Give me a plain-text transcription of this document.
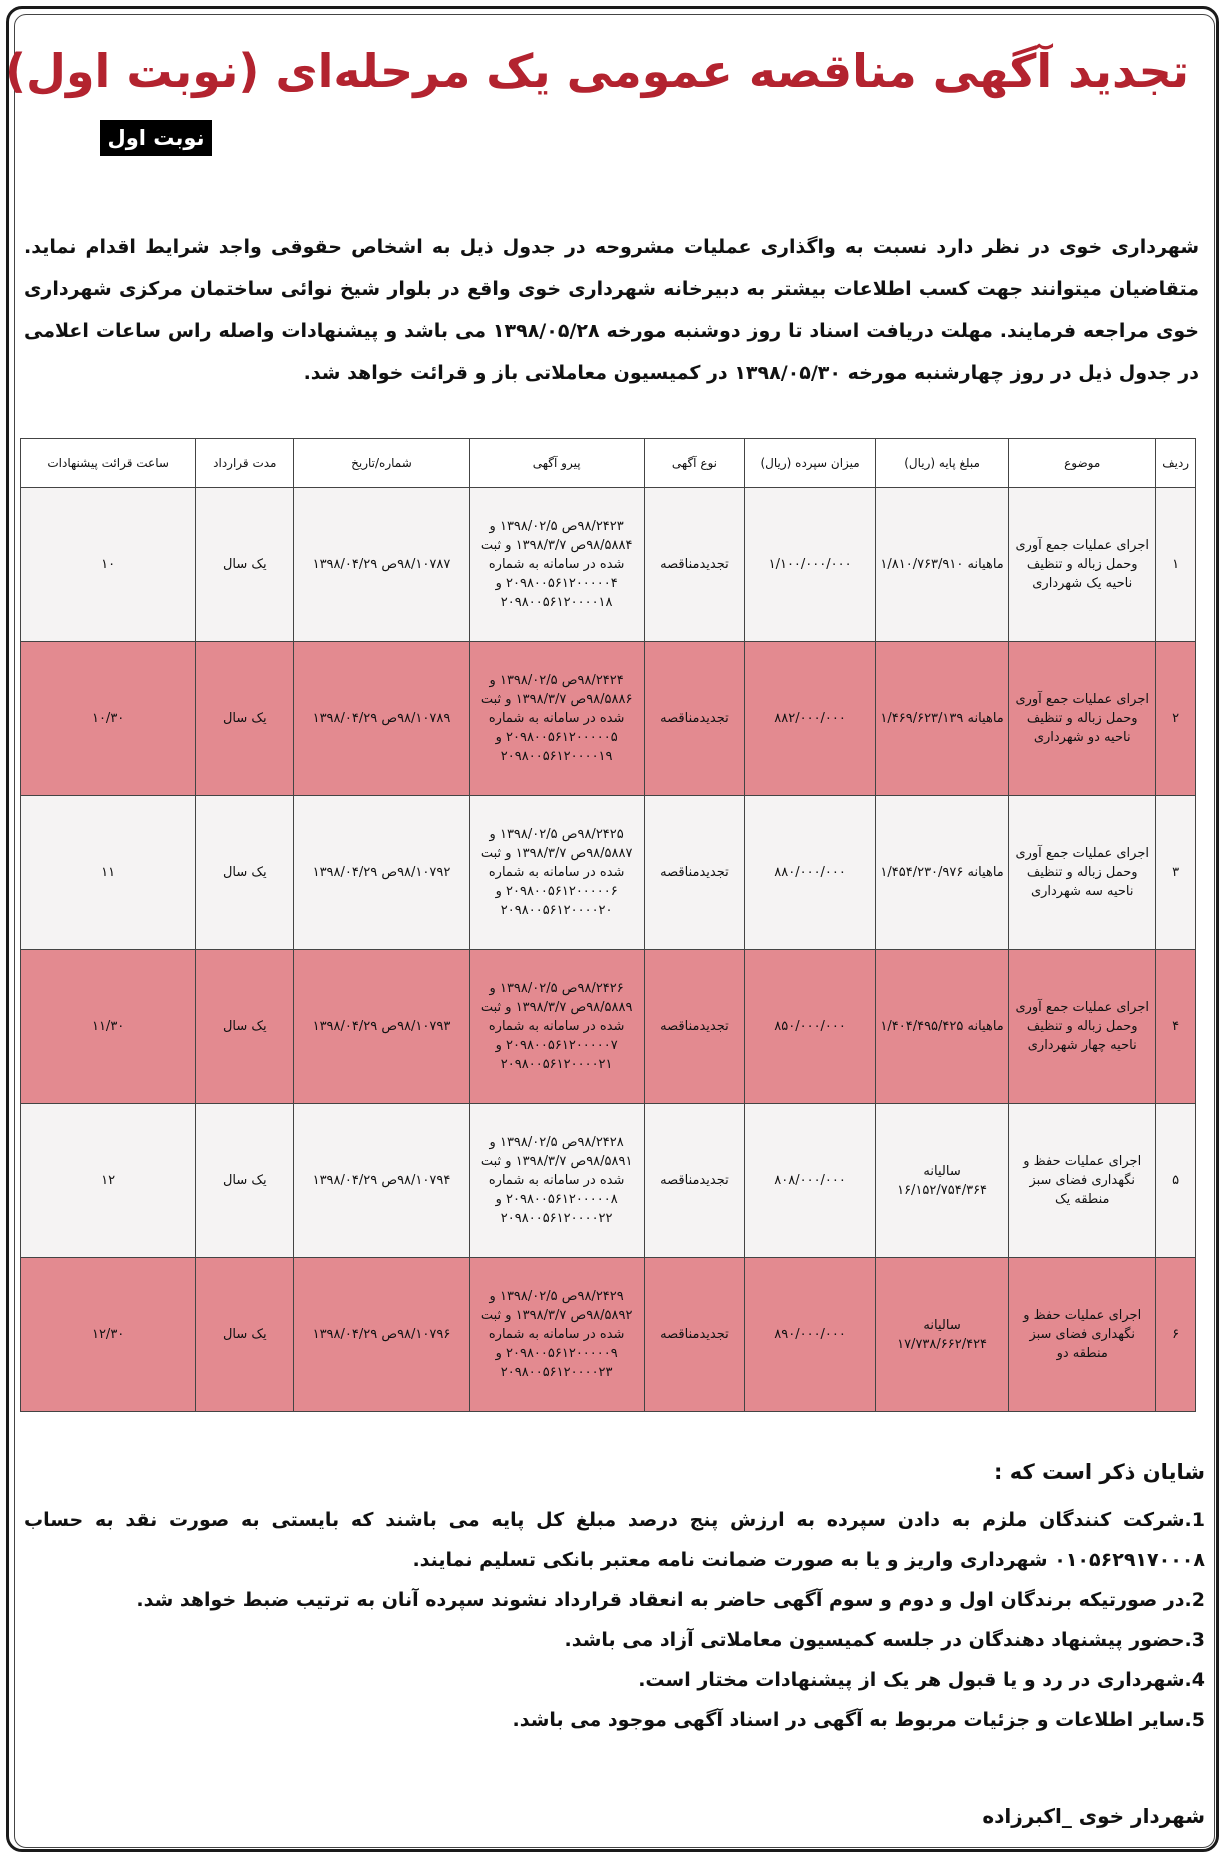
تجدید آگهی مناقصه عمومی یک مرحله‌ای (نوبت اول)
نوبت اول
شهرداری خوی در نظر دارد نسبت به واگذاری عملیات مشروحه در جدول ذیل به اشخاص حقوقی واجد شرایط اقدام نماید. متقاضیان میتوانند جهت کسب اطلاعات بیشتر به دبیرخانه شهرداری خوی واقع در بلوار شیخ نوائی ساختمان مرکزی شهرداری خوی مراجعه فرمایند. مهلت دریافت اسناد تا روز دوشنبه مورخه ۱۳۹۸/۰۵/۲۸ می باشد و پیشنهادات واصله راس ساعات اعلامی در جدول ذیل در روز چهارشنبه مورخه ۱۳۹۸/۰۵/۳۰ در کمیسیون معاملاتی باز و قرائت خواهد شد.
ردیف	موضوع	مبلغ پایه (ریال)	میزان سپرده (ریال)	نوع آگهی	پیرو آگهی	شماره/تاریخ	مدت قرارداد	ساعت قرائت پیشنهادات
۱	اجرای عملیات جمع آوری وحمل زباله و تنظیف ناحیه یک شهرداری	ماهیانه ۱/۸۱۰/۷۶۳/۹۱۰	۱/۱۰۰/۰۰۰/۰۰۰	تجدیدمناقصه	۹۸/۲۴۲۳ص ۱۳۹۸/۰۲/۵ و ۹۸/۵۸۸۴ص ۱۳۹۸/۳/۷ و ثبت شده در سامانه به شماره ۲۰۹۸۰۰۵۶۱۲۰۰۰۰۰۴ و ۲۰۹۸۰۰۵۶۱۲۰۰۰۰۱۸	۹۸/۱۰۷۸۷ص ۱۳۹۸/۰۴/۲۹	یک سال	۱۰
۲	اجرای عملیات جمع آوری وحمل زباله و تنظیف ناحیه دو شهرداری	ماهیانه ۱/۴۶۹/۶۲۳/۱۳۹	۸۸۲/۰۰۰/۰۰۰	تجدیدمناقصه	۹۸/۲۴۲۴ص ۱۳۹۸/۰۲/۵ و ۹۸/۵۸۸۶ص ۱۳۹۸/۳/۷ و ثبت شده در سامانه به شماره ۲۰۹۸۰۰۵۶۱۲۰۰۰۰۰۵ و ۲۰۹۸۰۰۵۶۱۲۰۰۰۰۱۹	۹۸/۱۰۷۸۹ص ۱۳۹۸/۰۴/۲۹	یک سال	۱۰/۳۰
۳	اجرای عملیات جمع آوری وحمل زباله و تنظیف ناحیه سه شهرداری	ماهیانه ۱/۴۵۴/۲۳۰/۹۷۶	۸۸۰/۰۰۰/۰۰۰	تجدیدمناقصه	۹۸/۲۴۲۵ص ۱۳۹۸/۰۲/۵ و ۹۸/۵۸۸۷ص ۱۳۹۸/۳/۷ و ثبت شده در سامانه به شماره ۲۰۹۸۰۰۵۶۱۲۰۰۰۰۰۶ و ۲۰۹۸۰۰۵۶۱۲۰۰۰۰۲۰	۹۸/۱۰۷۹۲ص ۱۳۹۸/۰۴/۲۹	یک سال	۱۱
۴	اجرای عملیات جمع آوری وحمل زباله و تنظیف ناحیه چهار شهرداری	ماهیانه ۱/۴۰۴/۴۹۵/۴۲۵	۸۵۰/۰۰۰/۰۰۰	تجدیدمناقصه	۹۸/۲۴۲۶ص ۱۳۹۸/۰۲/۵ و ۹۸/۵۸۸۹ص ۱۳۹۸/۳/۷ و ثبت شده در سامانه به شماره ۲۰۹۸۰۰۵۶۱۲۰۰۰۰۰۷ و ۲۰۹۸۰۰۵۶۱۲۰۰۰۰۲۱	۹۸/۱۰۷۹۳ص ۱۳۹۸/۰۴/۲۹	یک سال	۱۱/۳۰
۵	اجرای عملیات حفظ و نگهداری فضای سبز منطقه یک	سالیانه ۱۶/۱۵۲/۷۵۴/۳۶۴	۸۰۸/۰۰۰/۰۰۰	تجدیدمناقصه	۹۸/۲۴۲۸ص ۱۳۹۸/۰۲/۵ و ۹۸/۵۸۹۱ص ۱۳۹۸/۳/۷ و ثبت شده در سامانه به شماره ۲۰۹۸۰۰۵۶۱۲۰۰۰۰۰۸ و ۲۰۹۸۰۰۵۶۱۲۰۰۰۰۲۲	۹۸/۱۰۷۹۴ص ۱۳۹۸/۰۴/۲۹	یک سال	۱۲
۶	اجرای عملیات حفظ و نگهداری فضای سبز منطقه دو	سالیانه ۱۷/۷۳۸/۶۶۲/۴۲۴	۸۹۰/۰۰۰/۰۰۰	تجدیدمناقصه	۹۸/۲۴۲۹ص ۱۳۹۸/۰۲/۵ و ۹۸/۵۸۹۲ص ۱۳۹۸/۳/۷ و ثبت شده در سامانه به شماره ۲۰۹۸۰۰۵۶۱۲۰۰۰۰۰۹ و ۲۰۹۸۰۰۵۶۱۲۰۰۰۰۲۳	۹۸/۱۰۷۹۶ص ۱۳۹۸/۰۴/۲۹	یک سال	۱۲/۳۰
شایان ذکر است که :
1.شرکت کنندگان ملزم به دادن سپرده به ارزش پنج درصد مبلغ کل پایه می باشند که بایستی به صورت نقد به حساب ۰۱۰۵۶۲۹۱۷۰۰۰۸ شهرداری واریز و یا به صورت ضمانت نامه معتبر بانکی تسلیم نمایند.
2.در صورتیکه برندگان اول و دوم و سوم آگهی حاضر به انعقاد قرارداد نشوند سپرده آنان به ترتیب ضبط خواهد شد.
3.حضور پیشنهاد دهندگان در جلسه کمیسیون معاملاتی آزاد می باشد.
4.شهرداری در رد و یا قبول هر یک از پیشنهادات مختار است.
5.سایر اطلاعات و جزئیات مربوط به آگهی در اسناد آگهی موجود می باشد.
شهردار خوی _اکبرزاده
